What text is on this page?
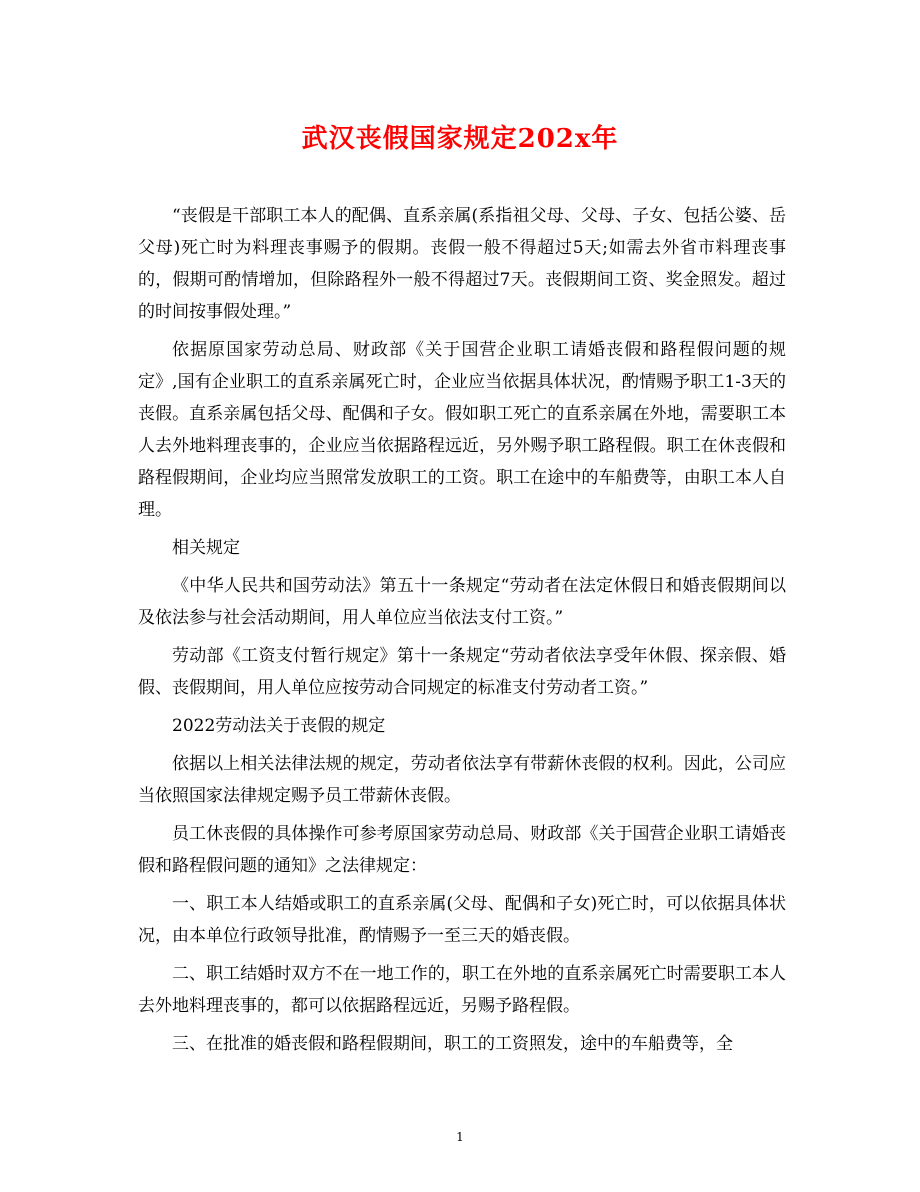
武汉丧假国家规定202x年

“丧假是干部职工本人的配偶、直系亲属(系指祖父母、父母、子女、包括公婆、岳父母)死亡时为料理丧事赐予的假期。丧假一般不得超过5天;如需去外省市料理丧事的，假期可酌情增加，但除路程外一般不得超过7天。丧假期间工资、奖金照发。超过的时间按事假处理。”

依据原国家劳动总局、财政部《关于国营企业职工请婚丧假和路程假问题的规定》,国有企业职工的直系亲属死亡时，企业应当依据具体状况，酌情赐予职工1-3天的丧假。直系亲属包括父母、配偶和子女。假如职工死亡的直系亲属在外地，需要职工本人去外地料理丧事的，企业应当依据路程远近，另外赐予职工路程假。职工在休丧假和路程假期间，企业均应当照常发放职工的工资。职工在途中的车船费等，由职工本人自理。

相关规定

《中华人民共和国劳动法》第五十一条规定“劳动者在法定休假日和婚丧假期间以及依法参与社会活动期间，用人单位应当依法支付工资。”

劳动部《工资支付暂行规定》第十一条规定“劳动者依法享受年休假、探亲假、婚假、丧假期间，用人单位应按劳动合同规定的标准支付劳动者工资。”

2022劳动法关于丧假的规定

依据以上相关法律法规的规定，劳动者依法享有带薪休丧假的权利。因此，公司应当依照国家法律规定赐予员工带薪休丧假。

员工休丧假的具体操作可参考原国家劳动总局、财政部《关于国营企业职工请婚丧假和路程假问题的通知》之法律规定：

一、职工本人结婚或职工的直系亲属(父母、配偶和子女)死亡时，可以依据具体状况，由本单位行政领导批准，酌情赐予一至三天的婚丧假。

二、职工结婚时双方不在一地工作的，职工在外地的直系亲属死亡时需要职工本人去外地料理丧事的，都可以依据路程远近，另赐予路程假。

三、在批准的婚丧假和路程假期间，职工的工资照发，途中的车船费等，全

1
